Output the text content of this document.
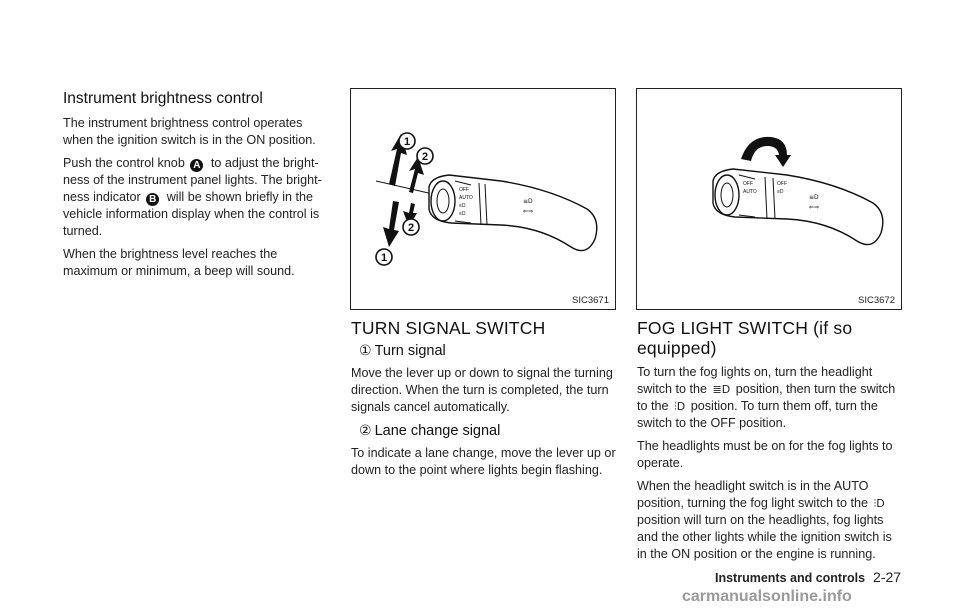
Instrument brightness control

The instrument brightness control operates when the ignition switch is in the ON position.

Push the control knob A to adjust the bright- ness of the instrument panel lights. The bright- ness indicator B will be shown briefly in the vehicle information display when the control is turned.

When the brightness level reaches the maximum or minimum, a beep will sound.

1
2
1
2
OFF
AUTO
≡D
≡D
≡D
⇐⇒
SIC3671
TURN SIGNAL SWITCH
① Turn signal

Move the lever up or down to signal the turning direction. When the turn is completed, the turn signals cancel automatically.

② Lane change signal

To indicate a lane change, move the lever up or down to the point where lights begin flashing.

OFF
AUTO
OFF
≡D
≡D
⇐⇒
SIC3672
FOG LIGHT SWITCH (if so equipped)

To turn the fog lights on, turn the headlight switch to the ≣D position, then turn the switch to the ⫶D position. To turn them off, turn the switch to the OFF position.

The headlights must be on for the fog lights to operate.

When the headlight switch is in the AUTO position, turning the fog light switch to the ⫶D position will turn on the headlights, fog lights and the other lights while the ignition switch is in the ON position or the engine is running.

Instruments and controls 2-27
carmanualsonline.info
